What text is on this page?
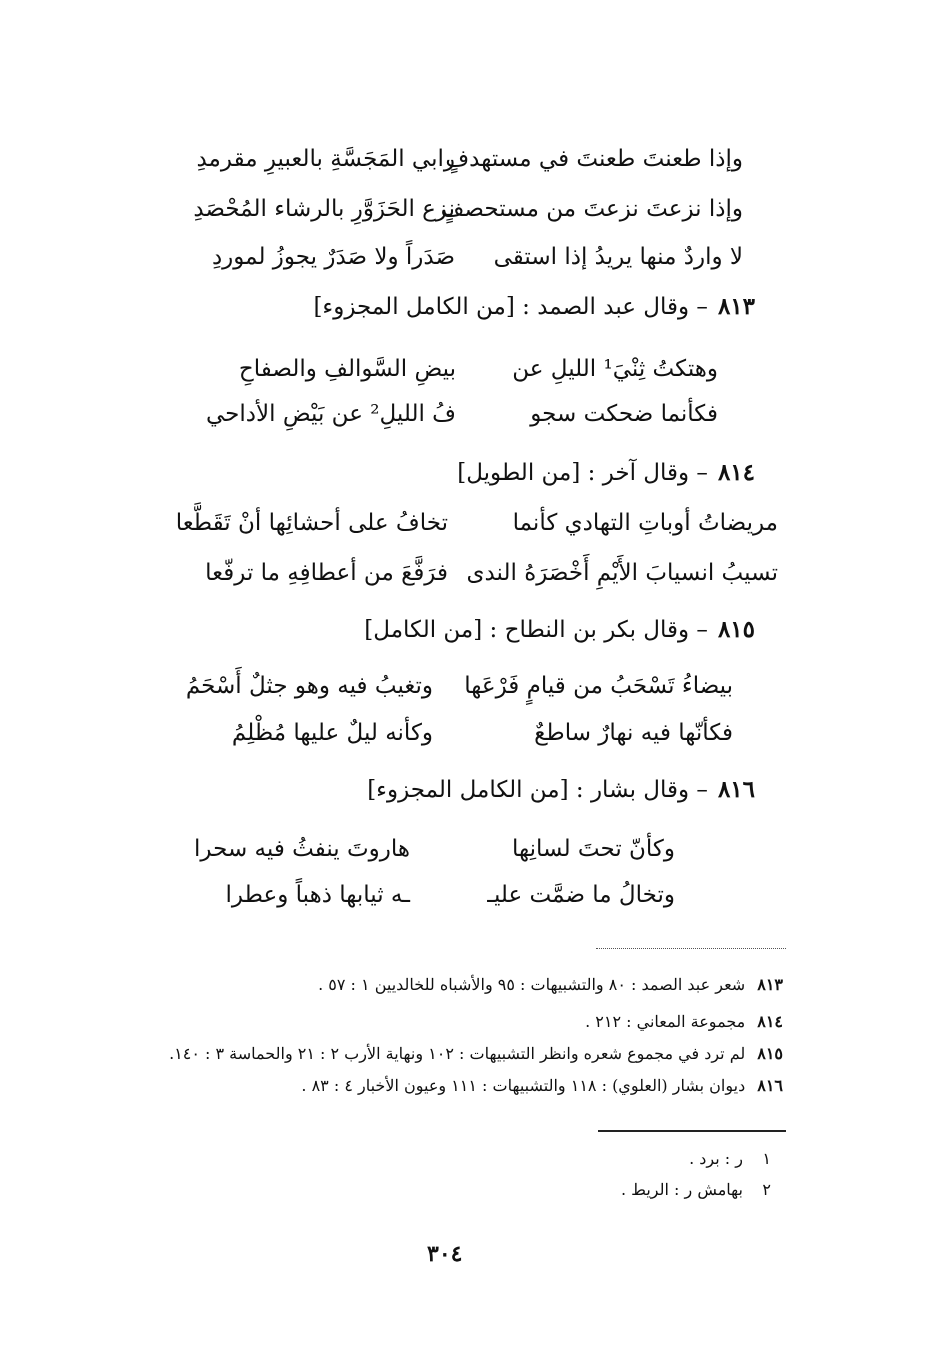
وإذا طعنتَ طعنتَ في مستهدفٍ
رابي المَجَسَّةِ بالعبيرِ مقرمدِ
وإذا نزعتَ نزعتَ من مستحصفٍ
نزع الحَزَوَّرِ بالرشاء المُحْصَدِ
لا واردٌ منها يريدُ إذا استقى
صَدَراً ولا صَدَرٌ يجوزُ لموردِ
٨١٣– وقال عبد الصمد : [من الكامل المجزوء]
وهتكتُ ثِنْيَ¹ الليلِ عن
بيضِ السَّوالفِ والصفاحِ
فكأنما ضحكت سجو
فُ الليلِ² عن بَيْضِ الأداحي
٨١٤– وقال آخر : [من الطويل]
مريضاتُ أوباتِ التهادي كأنما
تخافُ على أحشائِها أنْ تَقَطَّعا
تسيبُ انسيابَ الأَيْمِ أَخْصَرَهُ الندى
فرَفَّعَ من أعطافِهِ ما ترفّعا
٨١٥– وقال بكر بن النطاح : [من الكامل]
بيضاءُ تَسْحَبُ من قيامٍ فَرْعَها
وتغيبُ فيه وهو جثلٌ أَسْحَمُ
فكأنّها فيه نهارٌ ساطعٌ
وكأنه ليلٌ عليها مُظْلِمُ
٨١٦– وقال بشار : [من الكامل المجزوء]
وكأنّ تحتَ لسانِها
هاروتَ ينفثُ فيه سحرا
وتخالُ ما ضمَّت عليـ
ـه ثيابها ذهباً وعطرا
٨١٣شعر عبد الصمد : ٨٠ والتشبيهات : ٩٥ والأشباه للخالديين ١ : ٥٧ .
٨١٤مجموعة المعاني : ٢١٢ .
٨١٥لم ترد في مجموع شعره وانظر التشبيهات : ١٠٢ ونهاية الأرب ٢ : ٢١ والحماسة ٣ : ١٤٠.
٨١٦ديوان بشار (العلوي) : ١١٨ والتشبيهات : ١١١ وعيون الأخبار ٤ : ٨٣ .
١ر : برد .
٢بهامش ر : الريط .
٣٠٤
